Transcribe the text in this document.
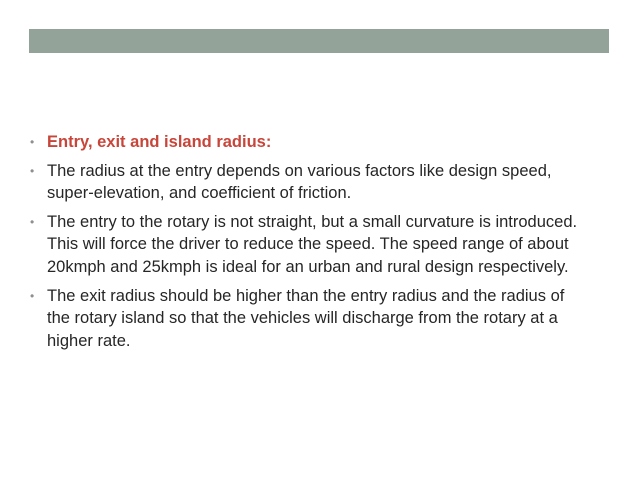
• Entry, exit and island radius:
• The radius at the entry depends on various factors like design speed, super-elevation, and coefficient of friction.
• The entry to the rotary is not straight, but a small curvature is introduced. This will force the driver to reduce the speed. The speed range of about 20kmph and 25kmph is ideal for an urban and rural design respectively.
• The exit radius should be higher than the entry radius and the radius of the rotary island so that the vehicles will discharge from the rotary at a higher rate.
